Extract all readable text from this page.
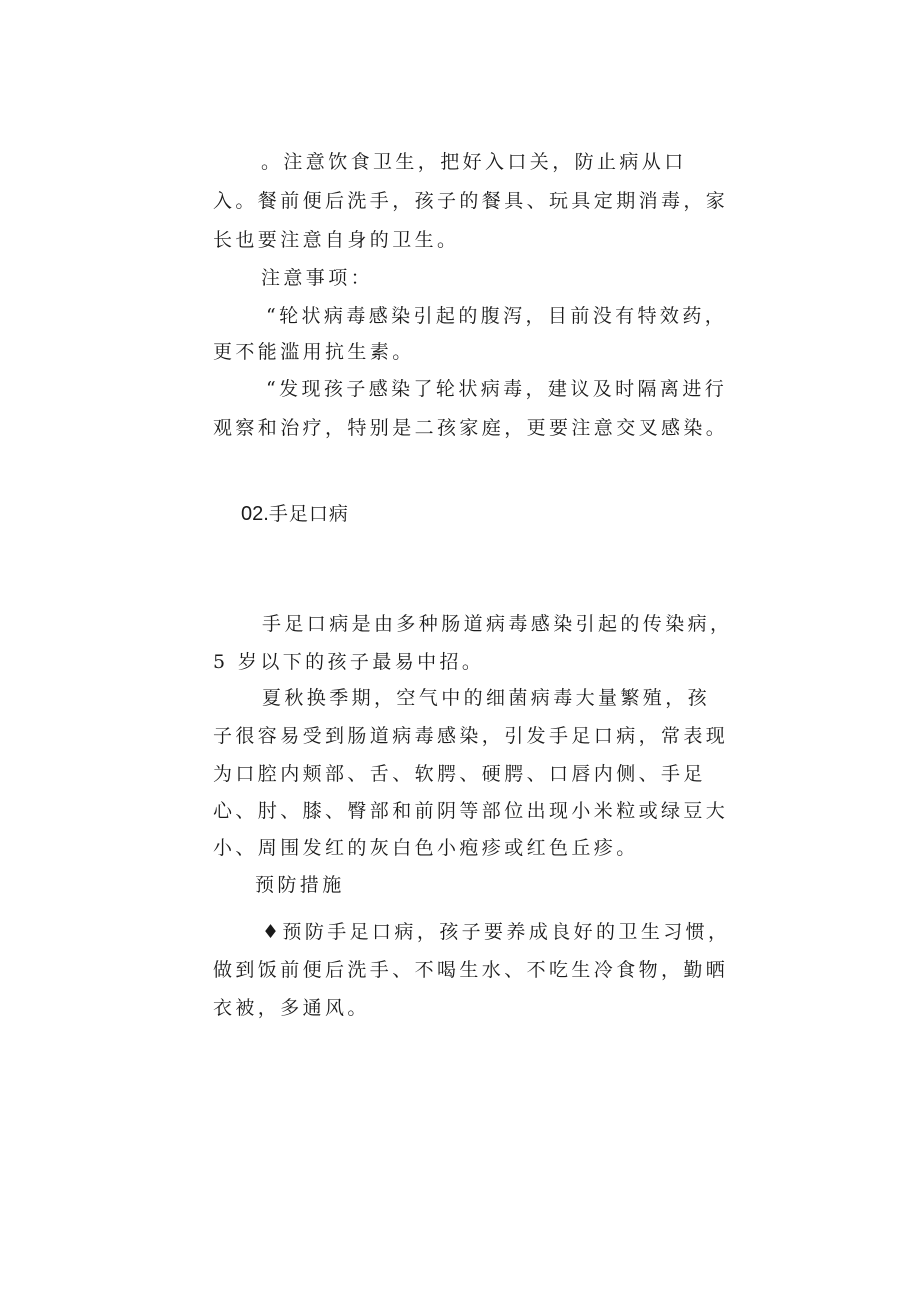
。注意饮食卫生，把好入口关，防止病从口
入。餐前便后洗手，孩子的餐具、玩具定期消毒，家
长也要注意自身的卫生。
注意事项：
“轮状病毒感染引起的腹泻，目前没有特效药，
更不能滥用抗生素。
“发现孩子感染了轮状病毒，建议及时隔离进行
观察和治疗，特别是二孩家庭，更要注意交叉感染。
02.手足口病
手足口病是由多种肠道病毒感染引起的传染病，
5 岁以下的孩子最易中招。
夏秋换季期，空气中的细菌病毒大量繁殖，孩
子很容易受到肠道病毒感染，引发手足口病，常表现
为口腔内颊部、舌、软腭、硬腭、口唇内侧、手足
心、肘、膝、臀部和前阴等部位出现小米粒或绿豆大
小、周围发红的灰白色小疱疹或红色丘疹。
预防措施
♦预防手足口病，孩子要养成良好的卫生习惯，
做到饭前便后洗手、不喝生水、不吃生冷食物，勤晒
衣被，多通风。
